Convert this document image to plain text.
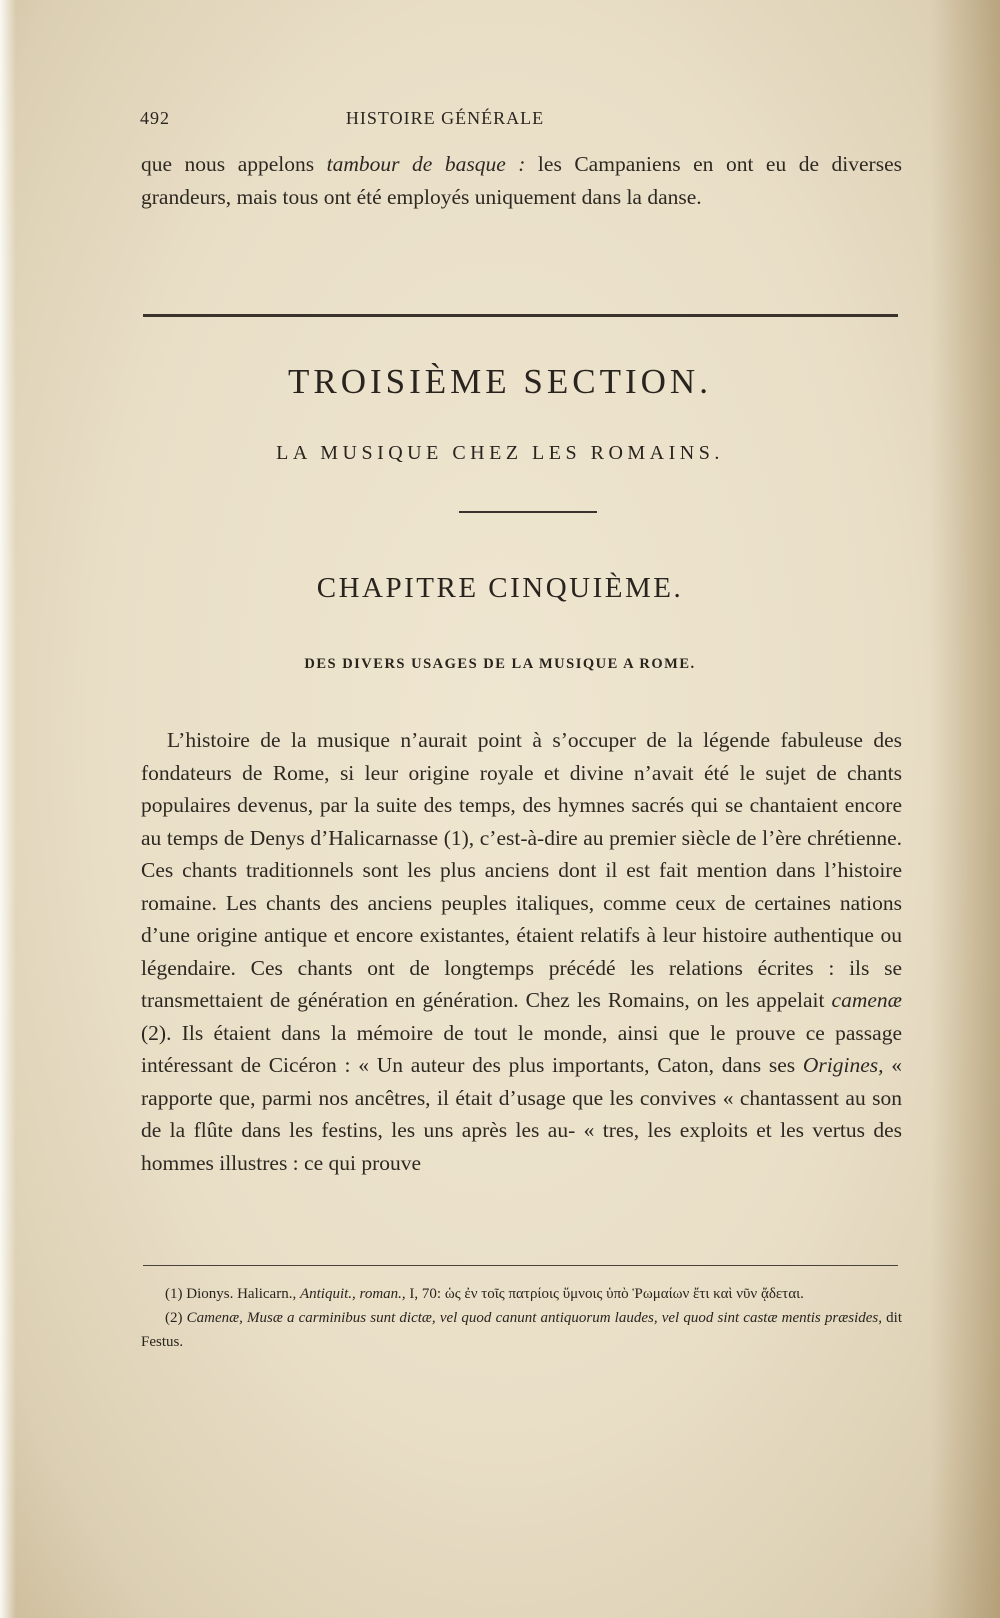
492	HISTOIRE GÉNÉRALE

que nous appelons tambour de basque : les Campaniens en ont eu de diverses grandeurs, mais tous ont été employés uniquement dans la danse.

TROISIÈME SECTION.
LA MUSIQUE CHEZ LES ROMAINS.
CHAPITRE CINQUIÈME.
DES DIVERS USAGES DE LA MUSIQUE A ROME.

L’histoire de la musique n’aurait point à s’occuper de la légende fabuleuse des fondateurs de Rome, si leur origine royale et divine n’avait été le sujet de chants populaires devenus, par la suite des temps, des hymnes sacrés qui se chantaient encore au temps de Denys d’Halicarnasse (1), c’est-à-dire au premier siècle de l’ère chrétienne. Ces chants traditionnels sont les plus anciens dont il est fait mention dans l’histoire romaine. Les chants des anciens peuples italiques, comme ceux de certaines nations d’une origine antique et encore existantes, étaient relatifs à leur histoire authentique ou légendaire. Ces chants ont de longtemps précédé les relations écrites : ils se transmettaient de génération en génération. Chez les Romains, on les appelait camenæ (2). Ils étaient dans la mémoire de tout le monde, ainsi que le prouve ce passage intéressant de Cicéron : « Un auteur des plus importants, Caton, dans ses Origines, « rapporte que, parmi nos ancêtres, il était d’usage que les convives « chantassent au son de la flûte dans les festins, les uns après les au- « tres, les exploits et les vertus des hommes illustres : ce qui prouve

(1) Dionys. Halicarn., Antiquit., roman., I, 70: ὡς ἐν τοῖς πατρίοις ὕμνοις ὑπὸ Ῥωμαίων ἔτι καὶ νῦν ᾄδεται.

(2) Camenæ, Musæ a carminibus sunt dictæ, vel quod canunt antiquorum laudes, vel quod sint castæ mentis præsides, dit Festus.
